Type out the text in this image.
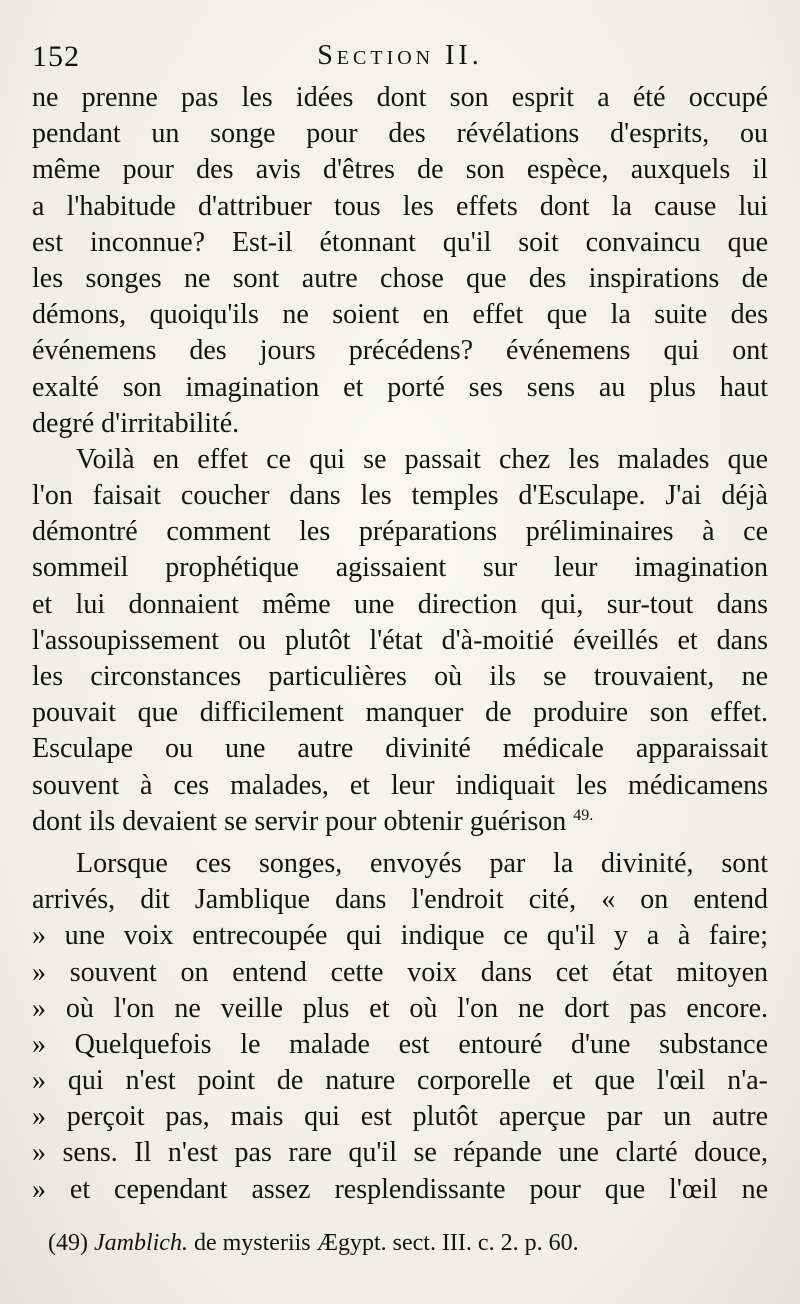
152	Section II.
ne prenne pas les idées dont son esprit a été occupé
pendant un songe pour des révélations d'esprits, ou
même pour des avis d'êtres de son espèce, auxquels il
a l'habitude d'attribuer tous les effets dont la cause lui
est inconnue? Est-il étonnant qu'il soit convaincu que
les songes ne sont autre chose que des inspirations de
démons, quoiqu'ils ne soient en effet que la suite des
événemens des jours précédens? événemens qui ont
exalté son imagination et porté ses sens au plus haut
degré d'irritabilité.
Voilà en effet ce qui se passait chez les malades que
l'on faisait coucher dans les temples d'Esculape. J'ai déjà
démontré comment les préparations préliminaires à ce
sommeil prophétique agissaient sur leur imagination
et lui donnaient même une direction qui, sur-tout dans
l'assoupissement ou plutôt l'état d'à-moitié éveillés et dans
les circonstances particulières où ils se trouvaient, ne
pouvait que difficilement manquer de produire son effet.
Esculape ou une autre divinité médicale apparaissait
souvent à ces malades, et leur indiquait les médicamens
dont ils devaient se servir pour obtenir guérison $^{49.}$
Lorsque ces songes, envoyés par la divinité, sont
arrivés, dit Jamblique dans l'endroit cité, « on entend
» une voix entrecoupée qui indique ce qu'il y a à faire;
» souvent on entend cette voix dans cet état mitoyen
» où l'on ne veille plus et où l'on ne dort pas encore.
» Quelquefois le malade est entouré d'une substance
» qui n'est point de nature corporelle et que l'œil n'a-
» perçoit pas, mais qui est plutôt aperçue par un autre
» sens. Il n'est pas rare qu'il se répande une clarté douce,
» et cependant assez resplendissante pour que l'œil ne
(49) Jamblich. de mysteriis Ægypt. sect. III. c. 2. p. 60.
